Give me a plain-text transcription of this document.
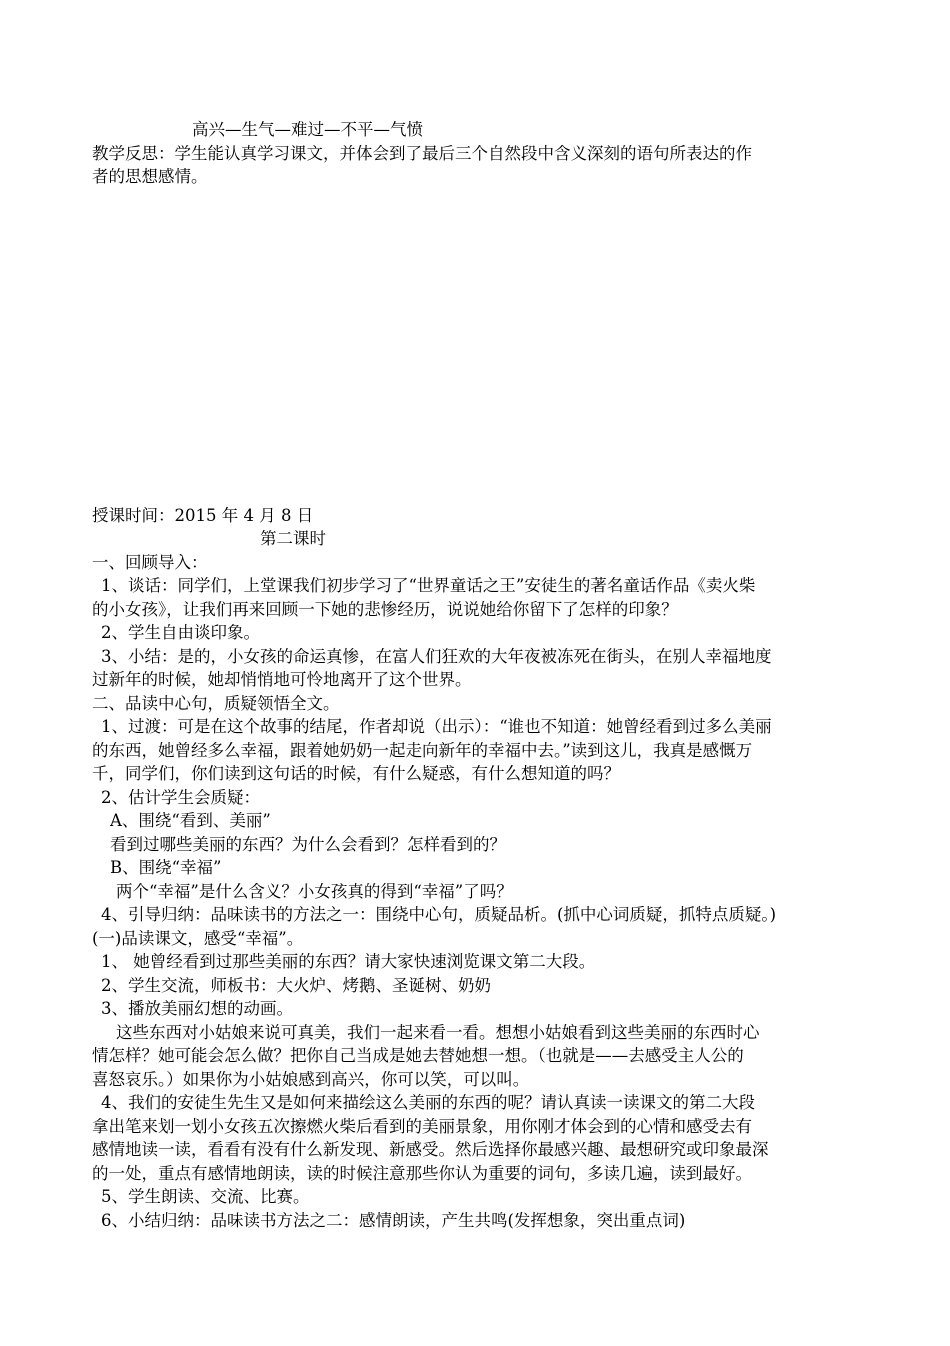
高兴—生气—难过—不平—气愤
教学反思：学生能认真学习课文，并体会到了最后三个自然段中含义深刻的语句所表达的作
者的思想感情。
授课时间：2015 年 4 月 8 日
第二课时
一、回顾导入：
1、谈话：同学们，上堂课我们初步学习了“世界童话之王”安徒生的著名童话作品《卖火柴
的小女孩》，让我们再来回顾一下她的悲惨经历，说说她给你留下了怎样的印象？
2、学生自由谈印象。
3、小结：是的，小女孩的命运真惨，在富人们狂欢的大年夜被冻死在街头，在别人幸福地度
过新年的时候，她却悄悄地可怜地离开了这个世界。
二、品读中心句，质疑领悟全文。
1、过渡：可是在这个故事的结尾，作者却说（出示）：“谁也不知道：她曾经看到过多么美丽
的东西，她曾经多么幸福，跟着她奶奶一起走向新年的幸福中去。”读到这儿，我真是感慨万
千，同学们，你们读到这句话的时候，有什么疑惑，有什么想知道的吗？
2、估计学生会质疑：
A、围绕“看到、美丽”
看到过哪些美丽的东西？为什么会看到？怎样看到的？
B、围绕“幸福”
两个“幸福”是什么含义？小女孩真的得到“幸福”了吗？
4、引导归纳：品味读书的方法之一：围绕中心句，质疑品析。(抓中心词质疑，抓特点质疑。)
(一)品读课文，感受“幸福”。
1、 她曾经看到过那些美丽的东西？请大家快速浏览课文第二大段。
2、学生交流，师板书：大火炉、烤鹅、圣诞树、奶奶
3、播放美丽幻想的动画。
这些东西对小姑娘来说可真美，我们一起来看一看。想想小姑娘看到这些美丽的东西时心
情怎样？她可能会怎么做？把你自己当成是她去替她想一想。（也就是——去感受主人公的
喜怒哀乐。）如果你为小姑娘感到高兴，你可以笑，可以叫。
4、我们的安徒生先生又是如何来描绘这么美丽的东西的呢？请认真读一读课文的第二大段
拿出笔来划一划小女孩五次擦燃火柴后看到的美丽景象，用你刚才体会到的心情和感受去有
感情地读一读，看看有没有什么新发现、新感受。然后选择你最感兴趣、最想研究或印象最深
的一处，重点有感情地朗读，读的时候注意那些你认为重要的词句，多读几遍，读到最好。
5、学生朗读、交流、比赛。
6、小结归纳：品味读书方法之二：感情朗读，产生共鸣(发挥想象，突出重点词)
